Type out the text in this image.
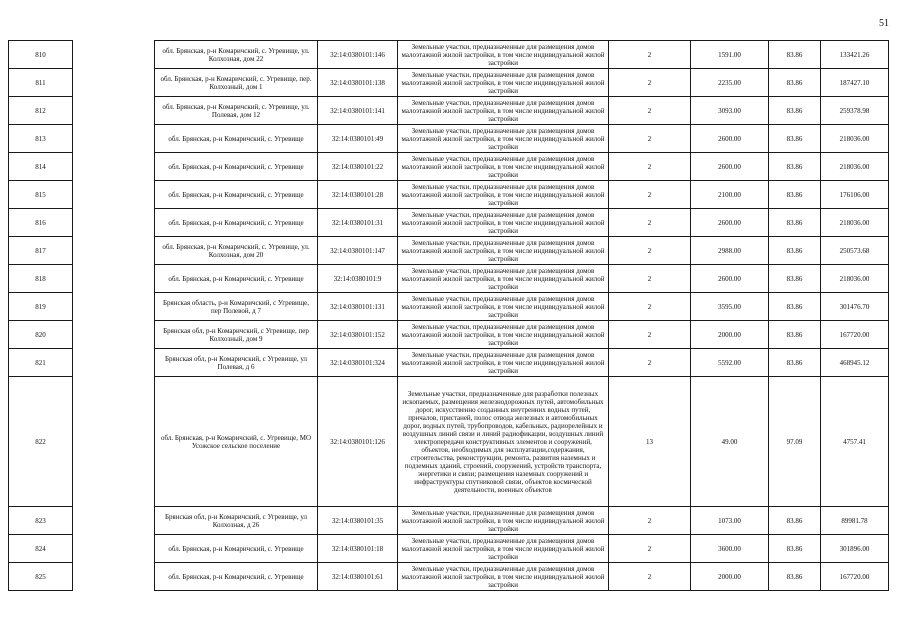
51
810		обл. Брянская, р-н Комаричский, с. Угревище, ул. Колхозная, дом 22	32:14:0380101:146	Земельные участки, предназначенные для размещения домов малоэтажной жилой застройки, в том числе индивидуальной жилой застройки	2	1591.00	83.86	133421.26
811		обл. Брянская, р-н Комаричский, с. Угревище, пер. Колхозный, дом 1	32:14:0380101:138	Земельные участки, предназначенные для размещения домов малоэтажной жилой застройки, в том числе индивидуальной жилой застройки	2	2235.00	83.86	187427.10
812		обл. Брянская, р-н Комаричский, с. Угревище, ул. Полевая, дом 12	32:14:0380101:141	Земельные участки, предназначенные для размещения домов малоэтажной жилой застройки, в том числе индивидуальной жилой застройки	2	3093.00	83.86	259378.98
813		обл. Брянская, р-н Комаричский, с. Угревище	32:14:0380101:49	Земельные участки, предназначенные для размещения домов малоэтажной жилой застройки, в том числе индивидуальной жилой застройки	2	2600.00	83.86	218036.00
814		обл. Брянская, р-н Комаричский, с. Угревище	32:14:0380101:22	Земельные участки, предназначенные для размещения домов малоэтажной жилой застройки, в том числе индивидуальной жилой застройки	2	2600.00	83.86	218036.00
815		обл. Брянская, р-н Комаричский, с. Угревище	32:14:0380101:28	Земельные участки, предназначенные для размещения домов малоэтажной жилой застройки, в том числе индивидуальной жилой застройки	2	2100.00	83.86	176106.00
816		обл. Брянская, р-н Комаричский, с. Угревище	32:14:0380101:31	Земельные участки, предназначенные для размещения домов малоэтажной жилой застройки, в том числе индивидуальной жилой застройки	2	2600.00	83.86	218036.00
817		обл. Брянская, р-н Комаричский, с. Угревище, ул. Колхозная, дом 20	32:14:0380101:147	Земельные участки, предназначенные для размещения домов малоэтажной жилой застройки, в том числе индивидуальной жилой застройки	2	2988.00	83.86	250573.68
818		обл. Брянская, р-н Комаричский, с. Угревище	32:14:0380101:9	Земельные участки, предназначенные для размещения домов малоэтажной жилой застройки, в том числе индивидуальной жилой застройки	2	2600.00	83.86	218036.00
819		Брянская область, р-н Комаричский, с Угревище, пер Полевой, д 7	32:14:0380101:131	Земельные участки, предназначенные для размещения домов малоэтажной жилой застройки, в том числе индивидуальной жилой застройки	2	3595.00	83.86	301476.70
820		Брянская обл, р-н Комаричский, с Угревище, пер Колхозный, дом 9	32:14:0380101:152	Земельные участки, предназначенные для размещения домов малоэтажной жилой застройки, в том числе индивидуальной жилой застройки	2	2000.00	83.86	167720.00
821		Брянская обл, р-н Комаричский, с Угревище, ул Полевая, д 6	32:14:0380101:324	Земельные участки, предназначенные для размещения домов малоэтажной жилой застройки, в том числе индивидуальной жилой застройки	2	5592.00	83.86	468945.12
822		обл. Брянская, р-н Комаричский, с. Угревище, МО Усожское сельское поселение	32:14:0380101:126	Земельные участки, предназначенные для разработки полезных ископаемых, размещения железнодорожных путей, автомобильных дорог, искусственно созданных внутренних водных путей, причалов, пристаней, полос отвода железных и автомобильных дорог, водных путей, трубопроводов, кабельных, радиорелейных и воздушных линий связи и линий радиофикации, воздушных линий электропередачи конструктивных элементов и сооружений, объектов, необходимых для эксплуатации,содержания, строительства, реконструкции, ремонта, развития наземных и подземных зданий, строений, сооружений, устройств транспорта, энергетики и связи; размещения наземных сооружений и инфраструктуры спутниковой связи, объектов космической деятельности, военных объектов	13	49.00	97.09	4757.41
823		Брянская обл, р-н Комаричский, с Угревище, ул Колхозная, д 26	32:14:0380101:35	Земельные участки, предназначенные для размещения домов малоэтажной жилой застройки, в том числе индивидуальной жилой застройки	2	1073.00	83.86	89981.78
824		обл. Брянская, р-н Комаричский, с. Угревище	32:14:0380101:18	Земельные участки, предназначенные для размещения домов малоэтажной жилой застройки, в том числе индивидуальной жилой застройки	2	3600.00	83.86	301896.00
825		обл. Брянская, р-н Комаричский, с. Угревище	32:14:0380101:61	Земельные участки, предназначенные для размещения домов малоэтажной жилой застройки, в том числе индивидуальной жилой застройки	2	2000.00	83.86	167720.00
